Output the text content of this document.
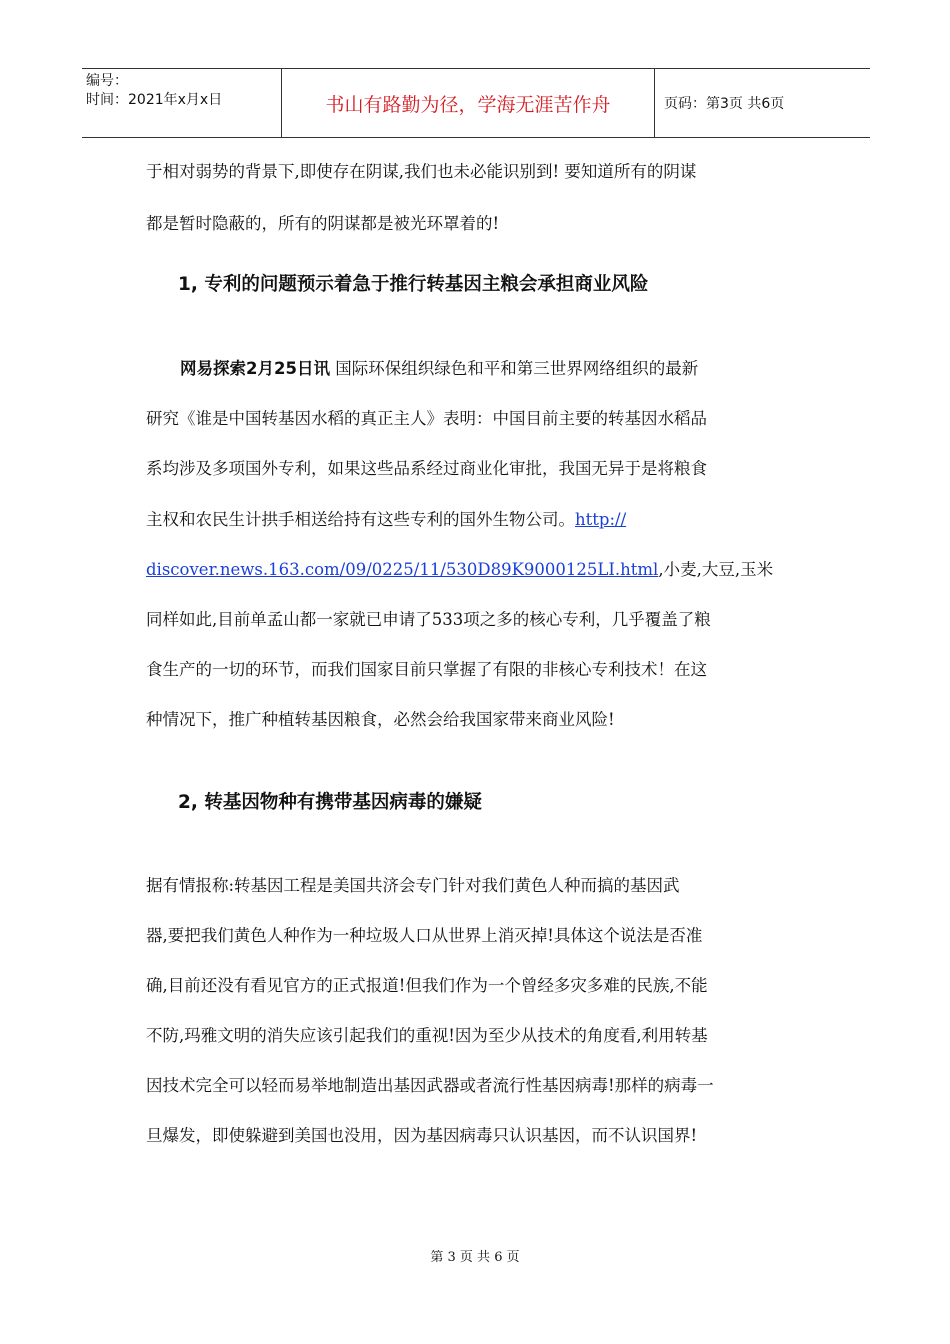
编号：
时间：2021年x月x日	书山有路勤为径，学海无涯苦作舟	页码：第3页 共6页
于相对弱势的背景下,即使存在阴谋,我们也未必能识别到! 要知道所有的阴谋
都是暂时隐蔽的，所有的阴谋都是被光环罩着的!
1, 专利的问题预示着急于推行转基因主粮会承担商业风险
网易探索2月25日讯 国际环保组织绿色和平和第三世界网络组织的最新
研究《谁是中国转基因水稻的真正主人》表明：中国目前主要的转基因水稻品
系均涉及多项国外专利，如果这些品系经过商业化审批，我国无异于是将粮食
主权和农民生计拱手相送给持有这些专利的国外生物公司。http://
discover.news.163.com/09/0225/11/530D89K9000125LI.html,小麦,大豆,玉米
同样如此,目前单孟山都一家就已申请了533项之多的核心专利，几乎覆盖了粮
食生产的一切的环节，而我们国家目前只掌握了有限的非核心专利技术！在这
种情况下，推广种植转基因粮食，必然会给我国家带来商业风险!
2, 转基因物种有携带基因病毒的嫌疑
据有情报称:转基因工程是美国共济会专门针对我们黄色人种而搞的基因武
器,要把我们黄色人种作为一种垃圾人口从世界上消灭掉!具体这个说法是否准
确,目前还没有看见官方的正式报道!但我们作为一个曾经多灾多难的民族,不能
不防,玛雅文明的消失应该引起我们的重视!因为至少从技术的角度看,利用转基
因技术完全可以轻而易举地制造出基因武器或者流行性基因病毒!那样的病毒一
旦爆发，即使躲避到美国也没用，因为基因病毒只认识基因，而不认识国界!
第 3 页 共 6 页
